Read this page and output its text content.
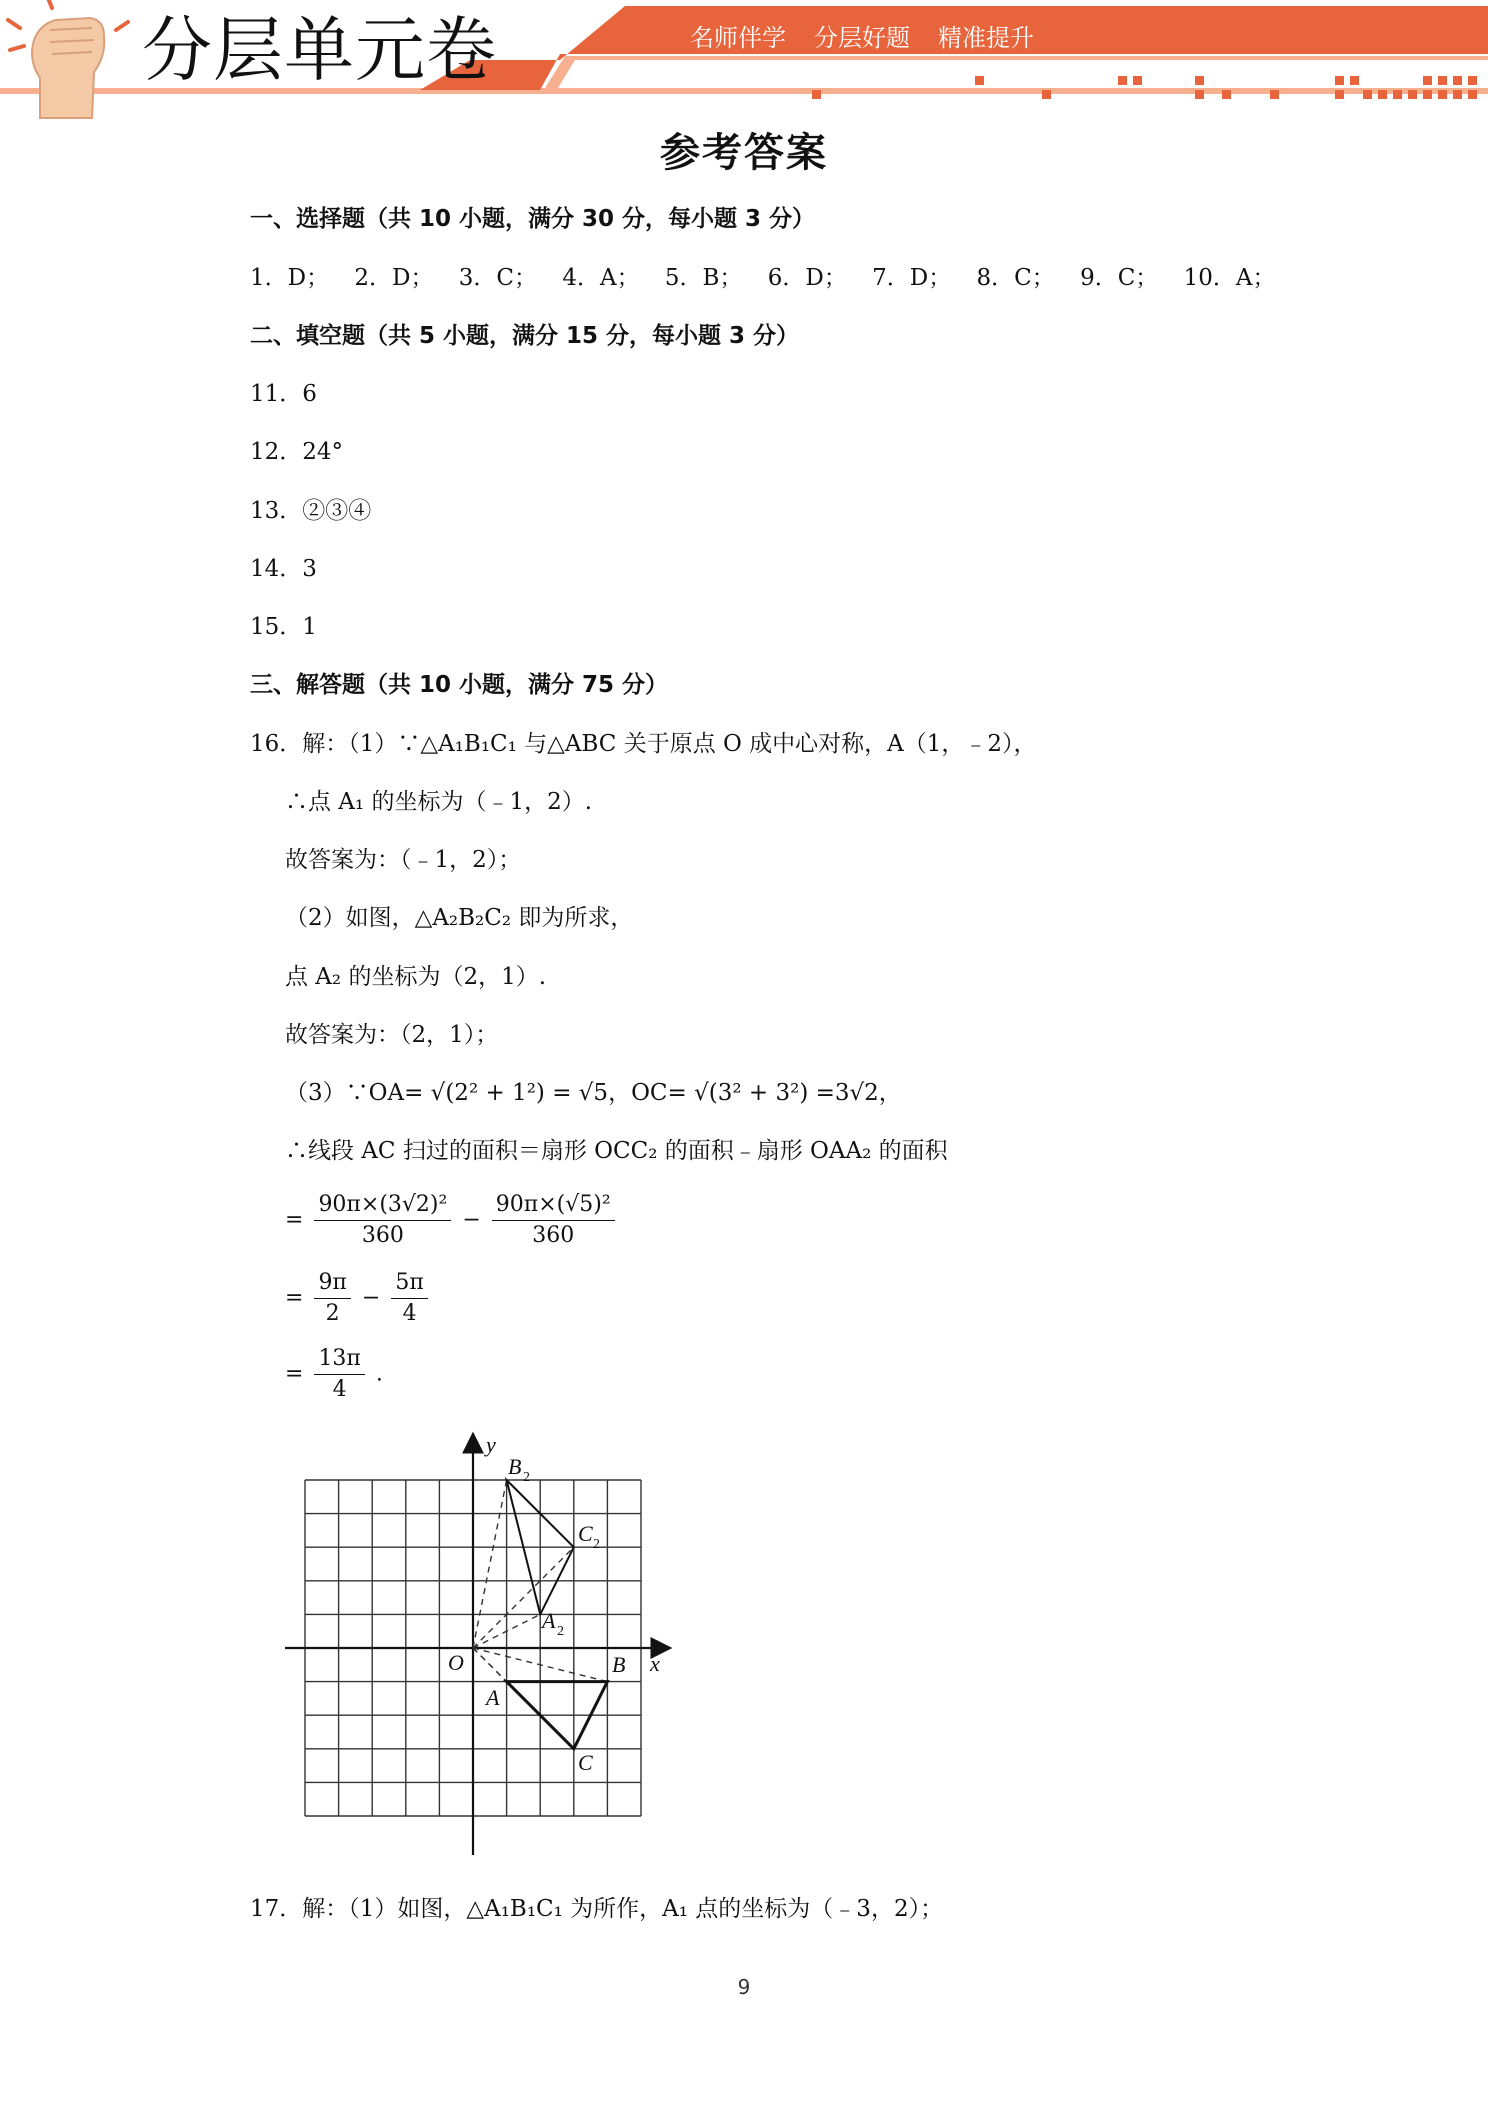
分层单元卷	名师伴学 分层好题 精准提升
参考答案
一、选择题（共 10 小题，满分 30 分，每小题 3 分）
1．D； 2．D； 3．C； 4．A； 5．B； 6．D； 7．D； 8．C； 9．C； 10．A；
二、填空题（共 5 小题，满分 15 分，每小题 3 分）
11．6
12．24°
13．②③④
14．3
15．1
三、解答题（共 10 小题，满分 75 分）
16．解：（1）∵△A₁B₁C₁ 与△ABC 关于原点 O 成中心对称，A（1，﹣2），
∴点 A₁ 的坐标为（﹣1，2）.
故答案为：（﹣1，2）；
（2）如图，△A₂B₂C₂ 即为所求，
点 A₂ 的坐标为（2，1）.
故答案为：（2，1）；
（3）∵OA= √(2² + 1²) = √5，OC= √(3² + 3²) =3√2，
∴线段 AC 扫过的面积＝扇形 OCC₂ 的面积﹣扇形 OAA₂ 的面积
= $\frac{\text{90π×(3√2)²}}{360} - \frac{\text{90π×(√5)²}}{360}$
= $\frac{9\pi}{2} - \frac{5\pi}{4}$
= $\frac{13\pi}{4}$ .
y
x
O
A
B
C
B 2
C 2
A 2
17．解：（1）如图，△A₁B₁C₁ 为所作，A₁ 点的坐标为（﹣3，2）；
9
